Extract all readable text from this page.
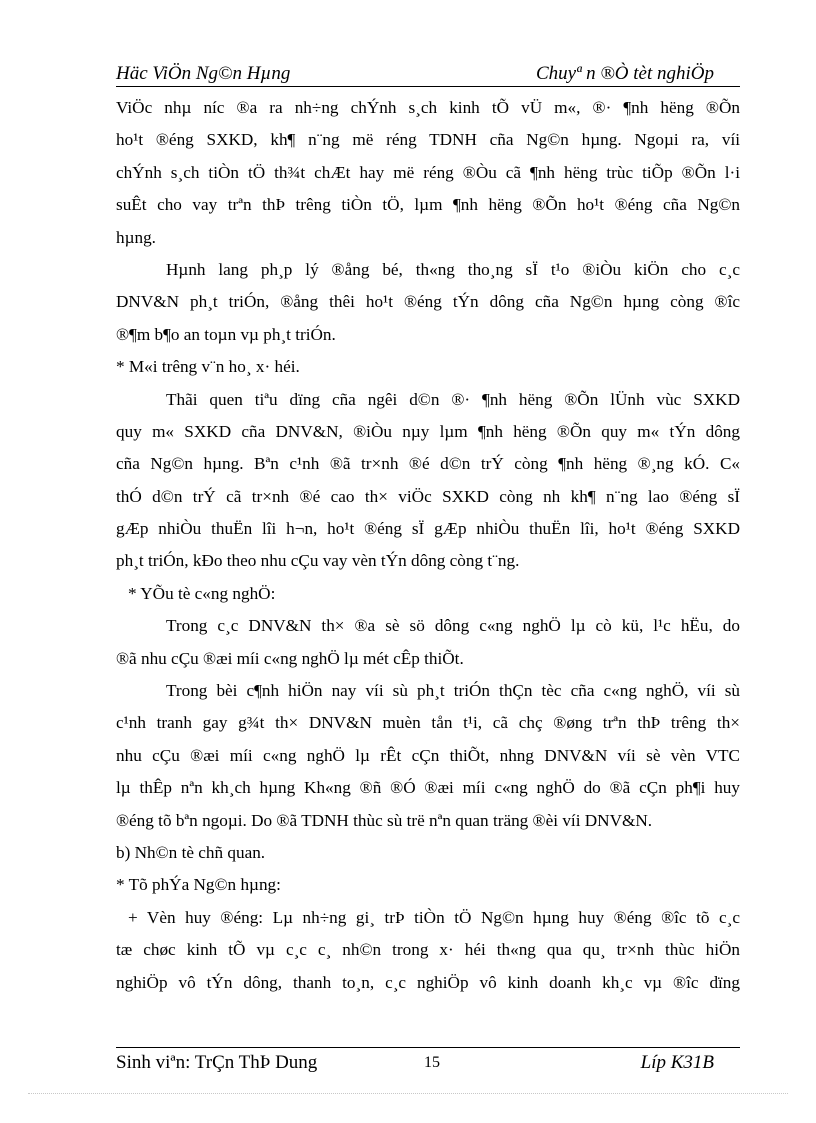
Häc ViÖn Ng©n Hµng	Chuyª n ®Ò tèt nghiÖp
ViÖc nhµ níc ®a ra nh÷ng chÝnh s¸ch kinh tÕ vÜ m«, ®· ¶nh hëng ®Õn
ho¹t ®éng SXKD, kh¶ n¨ng më réng TDNH cña Ng©n hµng. Ngoµi ra, víi
chÝnh s¸ch tiÒn tÖ th¾t chÆt hay më réng ®Òu cã ¶nh hëng trùc tiÕp ®Õn l·i
suÊt cho vay trªn thÞ trêng tiÒn tÖ, lµm ¶nh hëng ®Õn ho¹t ®éng cña Ng©n
hµng.
Hµnh lang ph¸p lý ®ång bé, th«ng tho¸ng sÏ t¹o ®iÒu kiÖn cho c¸c
DNV&N ph¸t triÓn, ®ång thêi ho¹t ®éng tÝn dông cña Ng©n hµng còng ®îc
®¶m b¶o an toµn vµ ph¸t triÓn.
* M«i trêng v¨n ho¸ x· héi.
Thãi quen tiªu dïng cña ngêi d©n ®· ¶nh hëng ®Õn lÜnh vùc SXKD
quy m« SXKD cña DNV&N, ®iÒu nµy lµm ¶nh hëng ®Õn quy m« tÝn dông
cña Ng©n hµng. Bªn c¹nh ®ã tr×nh ®é d©n trÝ còng ¶nh hëng ®¸ng kÓ. C«
thÓ d©n trÝ cã tr×nh ®é cao th× viÖc SXKD còng nh kh¶ n¨ng lao ®éng sÏ
gÆp nhiÒu thuËn lîi h¬n, ho¹t ®éng sÏ gÆp nhiÒu thuËn lîi, ho¹t ®éng SXKD
ph¸t triÓn, kÐo theo nhu cÇu vay vèn tÝn dông còng t¨ng.
* YÕu tè c«ng nghÖ:
Trong c¸c DNV&N th× ®a sè sö dông c«ng nghÖ lµ cò kü, l¹c hËu, do
®ã nhu cÇu ®æi míi c«ng nghÖ lµ mét cÊp thiÕt.
Trong bèi c¶nh hiÖn nay víi sù ph¸t triÓn thÇn tèc cña c«ng nghÖ, víi sù
c¹nh tranh gay g¾t th× DNV&N muèn tån t¹i, cã chç ®øng trªn thÞ trêng th×
nhu cÇu ®æi míi c«ng nghÖ lµ rÊt cÇn thiÕt, nhng DNV&N víi sè vèn VTC
lµ thÊp nªn kh¸ch hµng Kh«ng ®ñ ®Ó ®æi míi c«ng nghÖ do ®ã cÇn ph¶i huy
®éng tõ bªn ngoµi. Do ®ã TDNH thùc sù trë nªn quan träng ®èi víi DNV&N.
b) Nh©n tè chñ quan.
* Tõ phÝa Ng©n hµng:
+ Vèn huy ®éng: Lµ nh÷ng gi¸ trÞ tiÒn tÖ Ng©n hµng huy ®éng ®îc tõ c¸c
tæ chøc kinh tÕ vµ c¸c c¸ nh©n trong x· héi th«ng qua qu¸ tr×nh thùc hiÖn
nghiÖp vô tÝn dông, thanh to¸n, c¸c nghiÖp vô kinh doanh kh¸c vµ ®îc dïng
Sinh viªn: TrÇn ThÞ Dung	15	Líp K31B
